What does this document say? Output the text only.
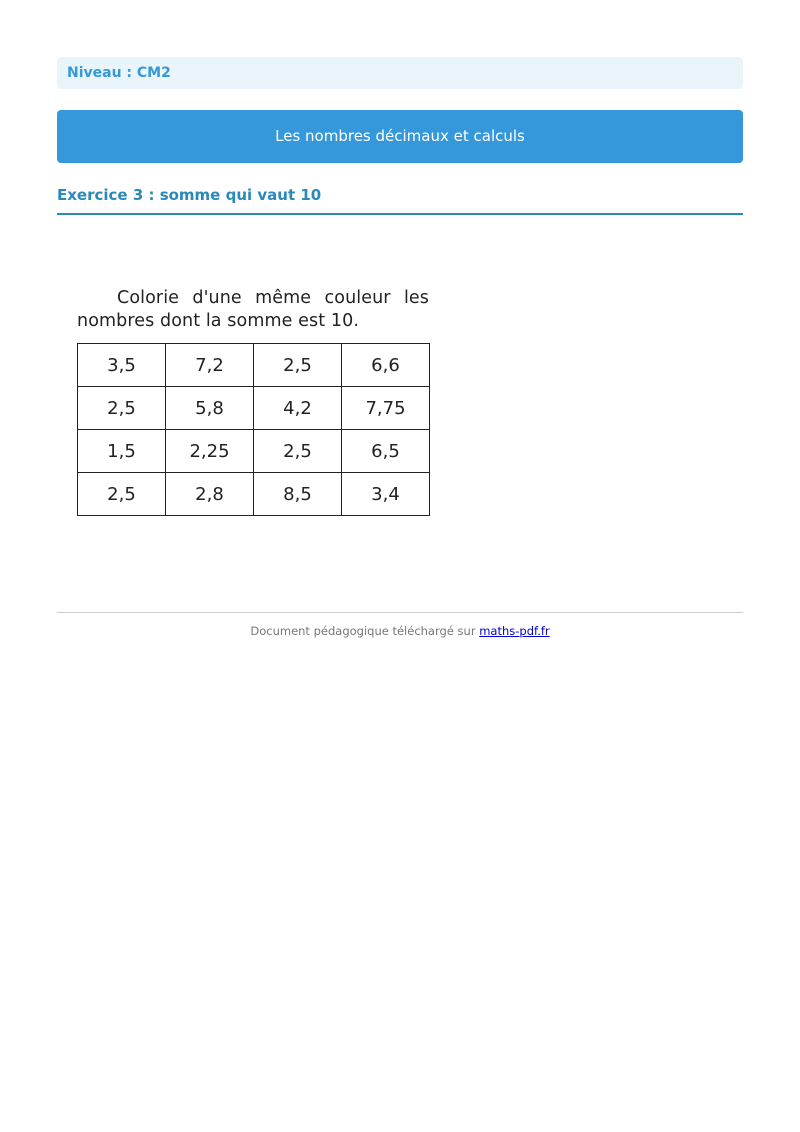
Niveau : CM2
Les nombres décimaux et calculs
Exercice 3 : somme qui vaut 10
Colorie d'une même couleur les nombres dont la somme est 10.
3,5	7,2	2,5	6,6
2,5	5,8	4,2	7,75
1,5	2,25	2,5	6,5
2,5	2,8	8,5	3,4
Document pédagogique téléchargé sur maths-pdf.fr
